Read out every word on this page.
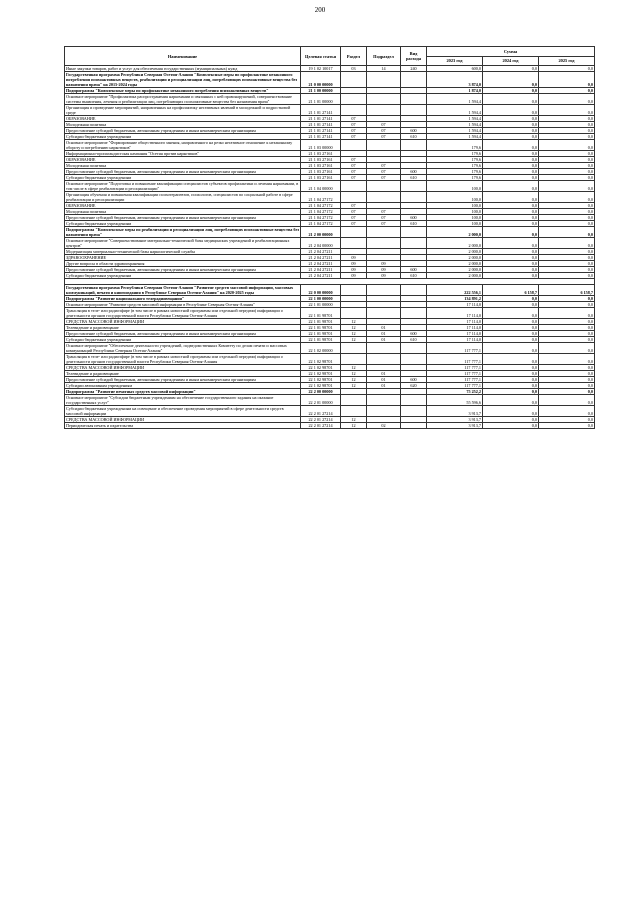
200
Наименование	Целевая статья	Раздел	Подраздел	Вид расхода	Сумма		
					2023 год	2024 год	2025 год
Иные закупки товаров, работ и услуг для обеспечения государственных (муниципальных) нужд	19 1 02 10017	03	14	240	600,0	0,0	0,0
Государственная программа Республики Северная Осетия-Алания "Комплексные меры по профилактике незаконного потребления психоактивных веществ, реабилитации и ресоциализации лиц, потребляющих психоактивные вещества без назначения врача" на 2015-2024 годы	21 0 00 00000				3 874,0	0,0	0,0
Подпрограмма "Комплексные меры по профилактике незаконного потребления психоактивных веществ"	21 1 00 00000				1 874,0	0,0	0,0
Основное мероприятие "Профилактика распространения наркомании и связанных с ней правонарушений, совершенствование системы выявления, лечения и реабилитации лиц, потребляющих психоактивные вещества без назначения врача"	21 1 01 00000				1 594,4	0,0	0,0
Организация и проведение мероприятий, направленных на профилактику негативных явлений в молодежной и подростковой среде	21 1 01 27141				1 594,4	0,0	0,0
ОБРАЗОВАНИЕ	21 1 01 27141	07			1 594,4	0,0	0,0
Молодежная политика	21 1 01 27141	07	07		1 594,4	0,0	0,0
Предоставление субсидий бюджетным, автономным учреждениям и иным некоммерческим организациям	21 1 01 27141	07	07	600	1 594,4	0,0	0,0
Субсидии бюджетным учреждениям	21 1 01 27141	07	07	610	1 594,4	0,0	0,0
Основное мероприятие "Формирование общественного мнения, направленного на резко негативное отношение к незаконному обороту и потреблению наркотиков"	21 1 03 00000				179,6	0,0	0,0
Информационно-пропагандистская кампания "Осетия против наркотиков"	21 1 03 27161				179,6	0,0	0,0
ОБРАЗОВАНИЕ	21 1 03 27161	07			179,6	0,0	0,0
Молодежная политика	21 1 03 27161	07	07		179,6	0,0	0,0
Предоставление субсидий бюджетным, автономным учреждениям и иным некоммерческим организациям	21 1 03 27161	07	07	600	179,6	0,0	0,0
Субсидии бюджетным учреждениям	21 1 03 27161	07	07	610	179,6	0,0	0,0
Основное мероприятие "Подготовка и повышение квалификации специалистов субъектов профилактики и лечения наркомании, в том числе в сфере реабилитации и ресоциализации"	21 1 04 00000				100,0	0,0	0,0
Организация обучения и повышения квалификации психотерапевтов, психологов, специалистов по социальной работе в сфере реабилитации и ресоциализации	21 1 04 27172				100,0	0,0	0,0
ОБРАЗОВАНИЕ	21 1 04 27172	07			100,0	0,0	0,0
Молодежная политика	21 1 04 27172	07	07		100,0	0,0	0,0
Предоставление субсидий бюджетным, автономным учреждениям и иным некоммерческим организациям	21 1 04 27172	07	07	600	100,0	0,0	0,0
Субсидии бюджетным учреждениям	21 1 04 27172	07	07	610	100,0	0,0	0,0
Подпрограмма "Комплексные меры по реабилитации и ресоциализации лиц, потребляющих психоактивные вещества без назначения врача"	21 2 00 00000				2 000,0	0,0	0,0
Основное мероприятие "Совершенствование материально-технической базы медицинских учреждений и реабилитационных центров"	21 2 04 00000				2 000,0	0,0	0,0
Модернизация материально-технической базы наркологической службы	21 2 04 27211				2 000,0	0,0	0,0
ЗДРАВООХРАНЕНИЕ	21 2 04 27211	09			2 000,0	0,0	0,0
Другие вопросы в области здравоохранения	21 2 04 27211	09	09		2 000,0	0,0	0,0
Предоставление субсидий бюджетным, автономным учреждениям и иным некоммерческим организациям	21 2 04 27211	09	09	600	2 000,0	0,0	0,0
Субсидии бюджетным учреждениям	21 2 04 27211	09	09	610	2 000,0	0,0	0,0

Государственная программа Республики Северная Осетия-Алания "Развитие средств массовой информации, массовых коммуникаций, печати и книгоиздания в Республике Северная Осетия-Алания" на 2020-2025 годы	22 0 00 00000				222 556,1	6 158,7	6 158,7
Подпрограмма "Развитие национального телерадиовещания"	22 1 00 00000				134 891,2	0,0	0,0
Основное мероприятие "Развитие средств массовой информации в Республике Северная Осетия-Алания"	22 1 01 00000				17 114,0	0,0	0,0
Трансляция в теле- или радиоэфире (в том числе в рамках новостной программы или отдельной передачи) информации о деятельности органов государственной власти Республики Северная Осетия-Алания	22 1 01 98701				17 114,0	0,0	0,0
СРЕДСТВА МАССОВОЙ ИНФОРМАЦИИ	22 1 01 98701	12			17 114,0	0,0	0,0
Телевидение и радиовещание	22 1 01 98701	12	01		17 114,0	0,0	0,0
Предоставление субсидий бюджетным, автономным учреждениям и иным некоммерческим организациям	22 1 01 98701	12	01	600	17 114,0	0,0	0,0
Субсидии бюджетным учреждениям	22 1 01 98701	12	01	610	17 114,0	0,0	0,0
Основное мероприятие "Обеспечение деятельности учреждений, подведомственных Комитету по делам печати и массовых коммуникаций Республики Северная Осетия-Алания"	22 1 02 00000				117 777,1	0,0	0,0
Трансляция в теле- или радиоэфире (в том числе в рамках новостной программы или отдельной передачи) информации о деятельности органов государственной власти Республики Северная Осетия-Алания	22 1 02 98701				117 777,1	0,0	0,0
СРЕДСТВА МАССОВОЙ ИНФОРМАЦИИ	22 1 02 98701	12			117 777,1	0,0	0,0
Телевидение и радиовещание	22 1 02 98701	12	01		117 777,1	0,0	0,0
Предоставление субсидий бюджетным, автономным учреждениям и иным некоммерческим организациям	22 1 02 98701	12	01	600	117 777,1	0,0	0,0
Субсидии автономным учреждениям	22 1 02 98701	12	01	620	117 777,1	0,0	0,0
Подпрограмма "Развитие печатных средств массовой информации"	22 2 00 00000				75 252,2	0,0	0,0
Основное мероприятие "Субсидии бюджетным учреждениям на обеспечение государственного задания на оказание государственных услуг"	22 2 01 00000				55 596,6	0,0	0,0
Субсидии бюджетным учреждениям на освещение и обеспечение проведения мероприятий в сфере деятельности средств массовой информации	22 2 01 27214				3 913,7	0,0	0,0
СРЕДСТВА МАССОВОЙ ИНФОРМАЦИИ	22 2 01 27214	12			3 913,7	0,0	0,0
Периодическая печать и издательства	22 2 01 27214	12	02		3 913,7	0,0	0,0
